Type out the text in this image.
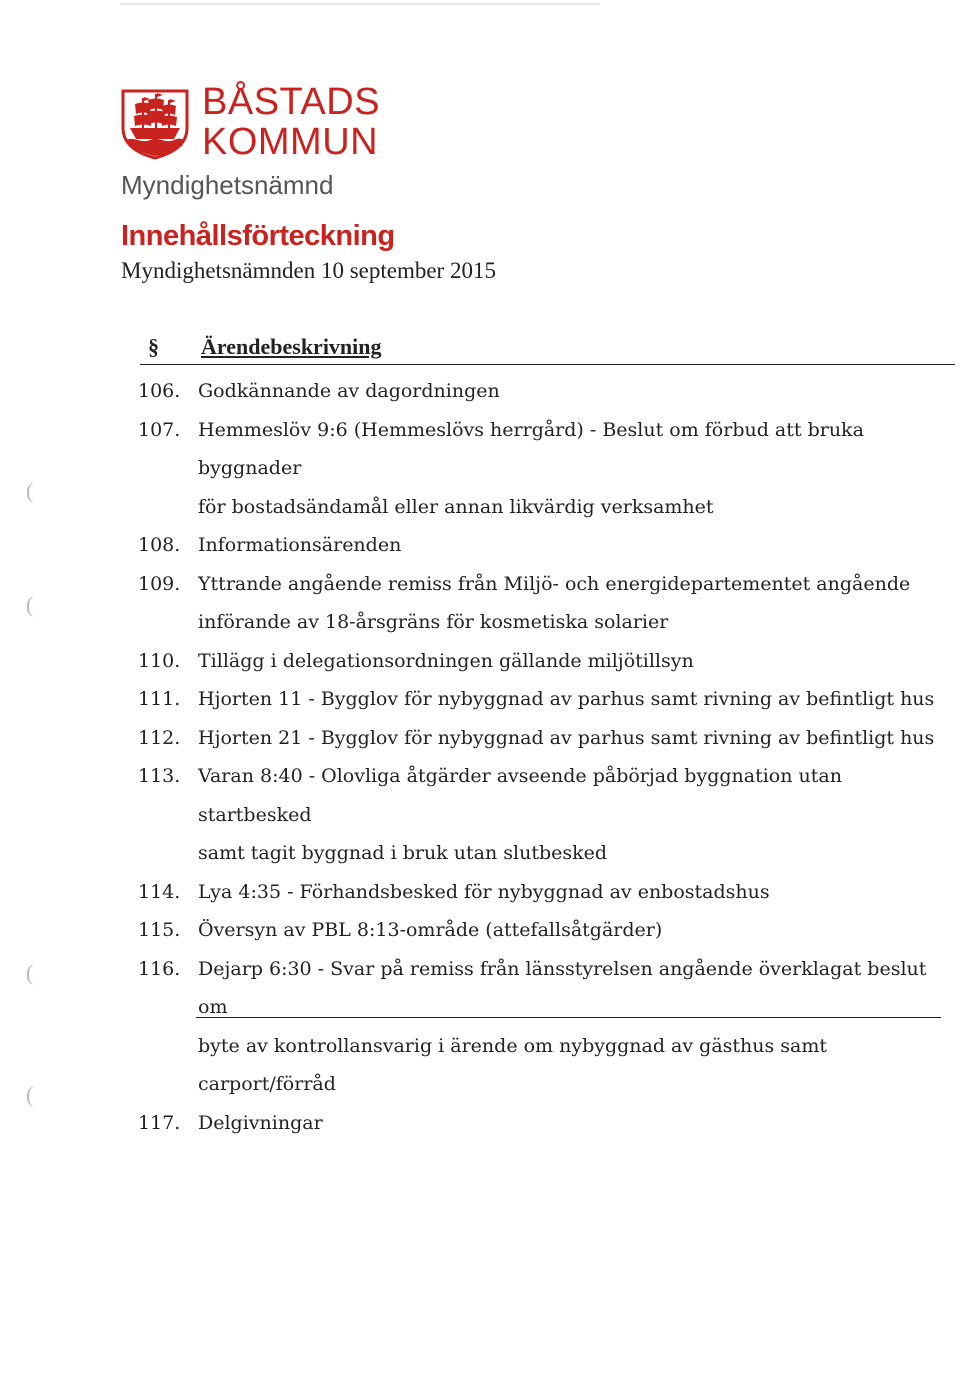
BÅSTADS
KOMMUN
Myndighetsnämnd
Innehållsförteckning
Myndighetsnämnden 10 september 2015
§ Ärendebeskrivning
106. Godkännande av dagordningen
107. Hemmeslöv 9:6 (Hemmeslövs herrgård) - Beslut om förbud att bruka byggnader
för bostadsändamål eller annan likvärdig verksamhet
108. Informationsärenden
109. Yttrande angående remiss från Miljö- och energidepartementet angående
införande av 18-årsgräns för kosmetiska solarier
110. Tillägg i delegationsordningen gällande miljötillsyn
111. Hjorten 11 - Bygglov för nybyggnad av parhus samt rivning av befintligt hus
112. Hjorten 21 - Bygglov för nybyggnad av parhus samt rivning av befintligt hus
113. Varan 8:40 - Olovliga åtgärder avseende påbörjad byggnation utan startbesked
samt tagit byggnad i bruk utan slutbesked
114. Lya 4:35 - Förhandsbesked för nybyggnad av enbostadshus
115. Översyn av PBL 8:13-område (attefallsåtgärder)
116. Dejarp 6:30 - Svar på remiss från länsstyrelsen angående överklagat beslut om
byte av kontrollansvarig i ärende om nybyggnad av gästhus samt carport/förråd
117. Delgivningar
(
(
(
(
